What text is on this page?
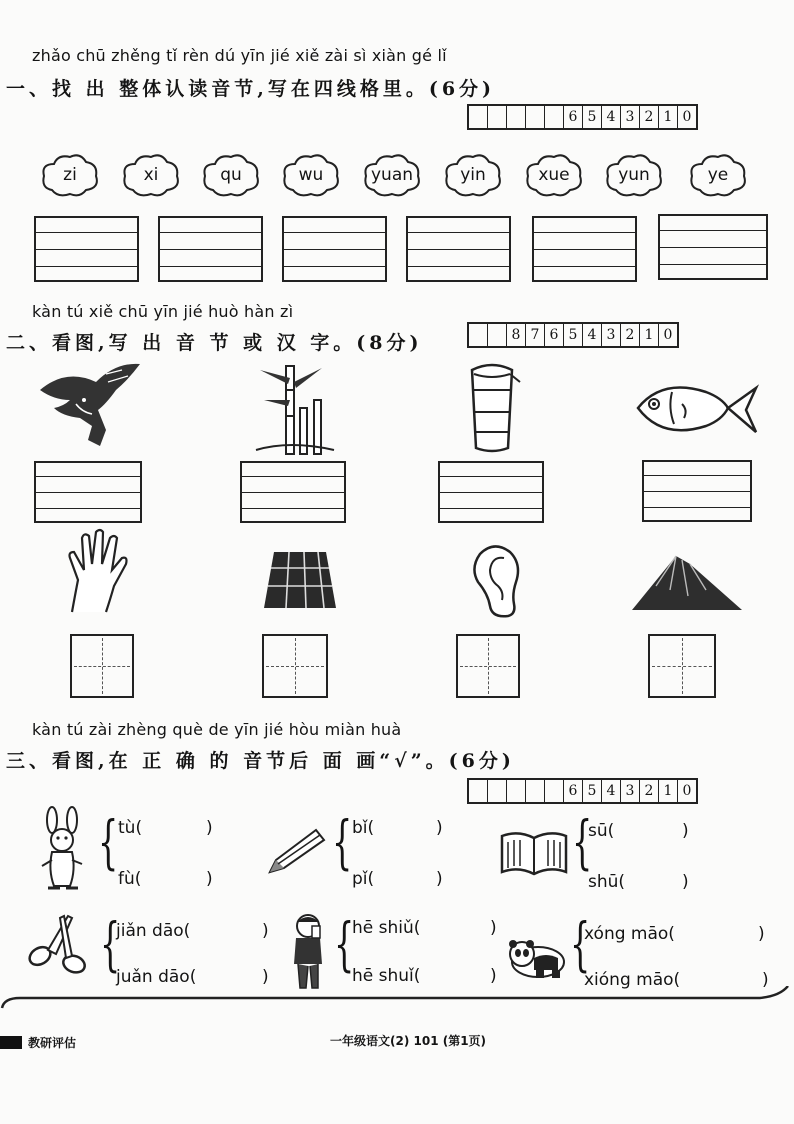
zhǎo chū zhěng tǐ rèn dú yīn jié xiě zài sì xiàn gé lǐ
一、找 出 整体认读音节,写在四线格里。(6分)
6 5 4 3 2 1 0
zi	xi	qu	wu	yuan	yin	xue	yun	ye
kàn tú xiě chū yīn jié huò hàn zì
二、看图,写 出 音 节 或 汉 字。(8分)	8 7 6 5 4 3 2 1 0
kàn tú zài zhèng què de yīn jié hòu miàn huà
三、看图,在 正 确 的 音节后 面 画“√”。(6分)
6 5 4 3 2 1 0
{ tù(	)
fù(	)
{ bǐ(	)
pǐ(	)
{
sū(	)
shū(	)
{
jiǎn dāo(	)
juǎn dāo(	) {
hē shiǔ(	)
hē shuǐ(	) {
xóng māo(	)
xióng māo(	)
教研评估	一年级语文(2) 101 (第1页)
